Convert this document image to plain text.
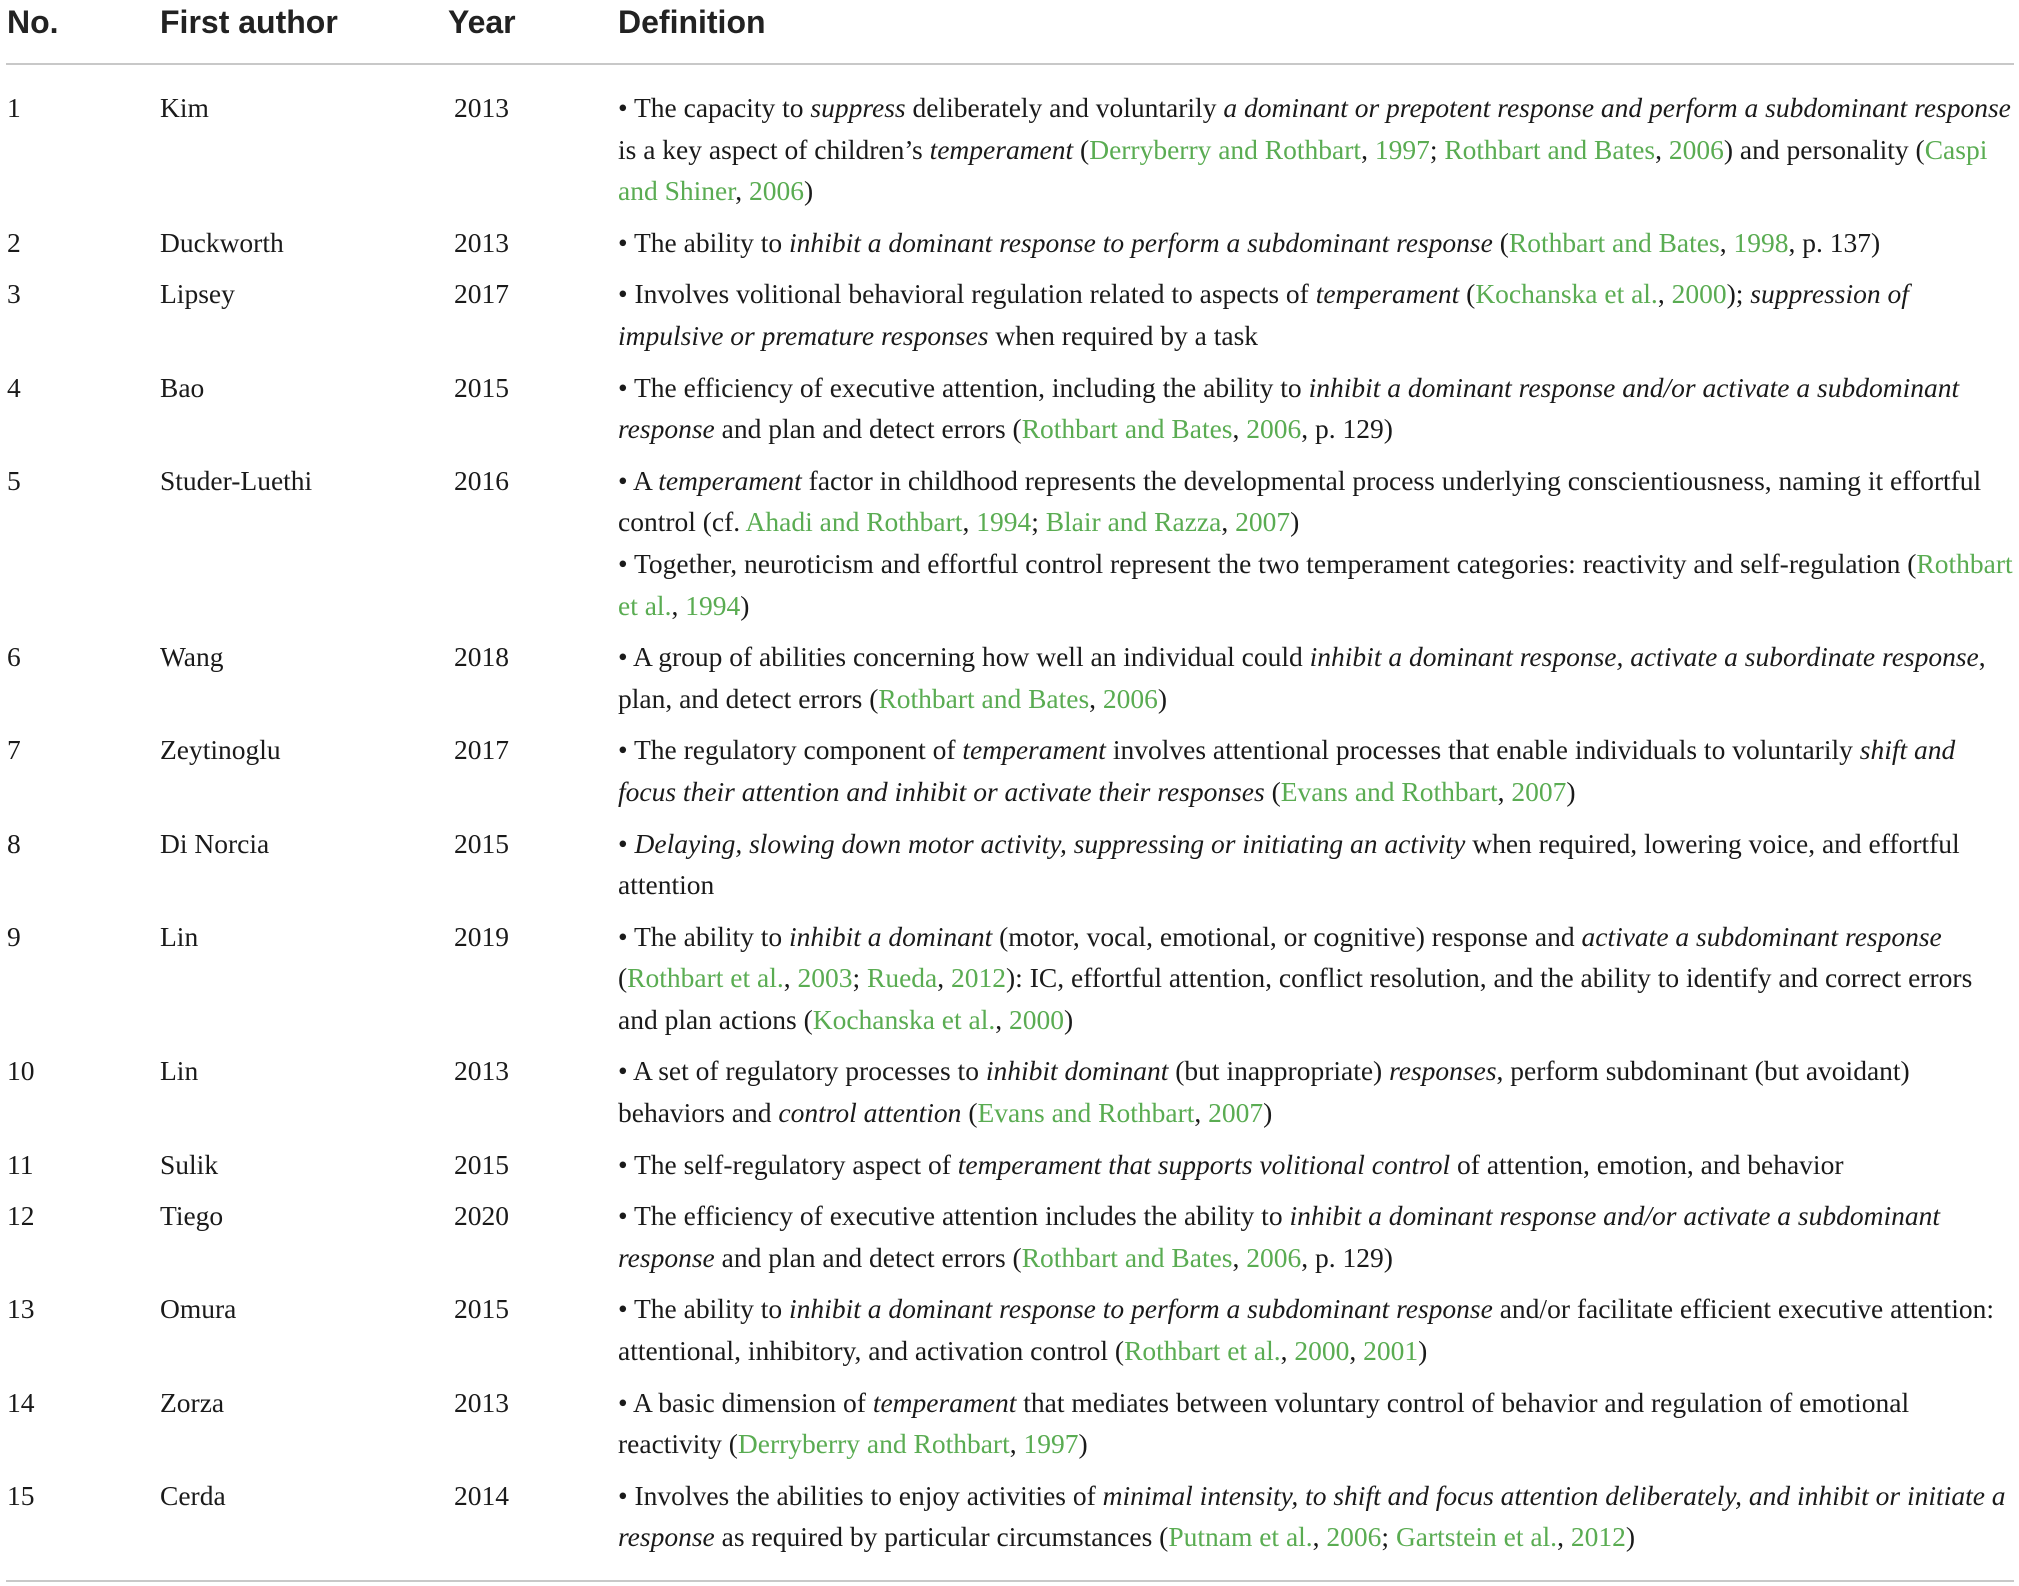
No.	First author	Year	Definition
1	Kim	2013	• The capacity to suppress deliberately and voluntarily a dominant or prepotent response and perform a subdominant response is a key aspect of children’s temperament (Derryberry and Rothbart, 1997; Rothbart and Bates, 2006) and personality (Caspi and Shiner, 2006)

2	Duckworth	2013	• The ability to inhibit a dominant response to perform a subdominant response (Rothbart and Bates, 1998, p. 137)

3	Lipsey	2017	• Involves volitional behavioral regulation related to aspects of temperament (Kochanska et al., 2000); suppression of impulsive or premature responses when required by a task

4	Bao	2015	• The efficiency of executive attention, including the ability to inhibit a dominant response and/or activate a subdominant response and plan and detect errors (Rothbart and Bates, 2006, p. 129)

5	Studer-Luethi	2016	• A temperament factor in childhood represents the developmental process underlying conscientiousness, naming it effortful control (cf. Ahadi and Rothbart, 1994; Blair and Razza, 2007)

• Together, neuroticism and effortful control represent the two temperament categories: reactivity and self-regulation (Rothbart et al., 1994)

6	Wang	2018	• A group of abilities concerning how well an individual could inhibit a dominant response, activate a subordinate response, plan, and detect errors (Rothbart and Bates, 2006)

7	Zeytinoglu	2017	• The regulatory component of temperament involves attentional processes that enable individuals to voluntarily shift and focus their attention and inhibit or activate their responses (Evans and Rothbart, 2007)

8	Di Norcia	2015	• Delaying, slowing down motor activity, suppressing or initiating an activity when required, lowering voice, and effortful attention

9	Lin	2019	• The ability to inhibit a dominant (motor, vocal, emotional, or cognitive) response and activate a subdominant response (Rothbart et al., 2003; Rueda, 2012): IC, effortful attention, conflict resolution, and the ability to identify and correct errors and plan actions (Kochanska et al., 2000)

10	Lin	2013	• A set of regulatory processes to inhibit dominant (but inappropriate) responses, perform subdominant (but avoidant) behaviors and control attention (Evans and Rothbart, 2007)

11	Sulik	2015	• The self-regulatory aspect of temperament that supports volitional control of attention, emotion, and behavior

12	Tiego	2020	• The efficiency of executive attention includes the ability to inhibit a dominant response and/or activate a subdominant response and plan and detect errors (Rothbart and Bates, 2006, p. 129)

13	Omura	2015	• The ability to inhibit a dominant response to perform a subdominant response and/or facilitate efficient executive attention: attentional, inhibitory, and activation control (Rothbart et al., 2000, 2001)

14	Zorza	2013	• A basic dimension of temperament that mediates between voluntary control of behavior and regulation of emotional reactivity (Derryberry and Rothbart, 1997)

15	Cerda	2014	• Involves the abilities to enjoy activities of minimal intensity, to shift and focus attention deliberately, and inhibit or initiate a response as required by particular circumstances (Putnam et al., 2006; Gartstein et al., 2012)
